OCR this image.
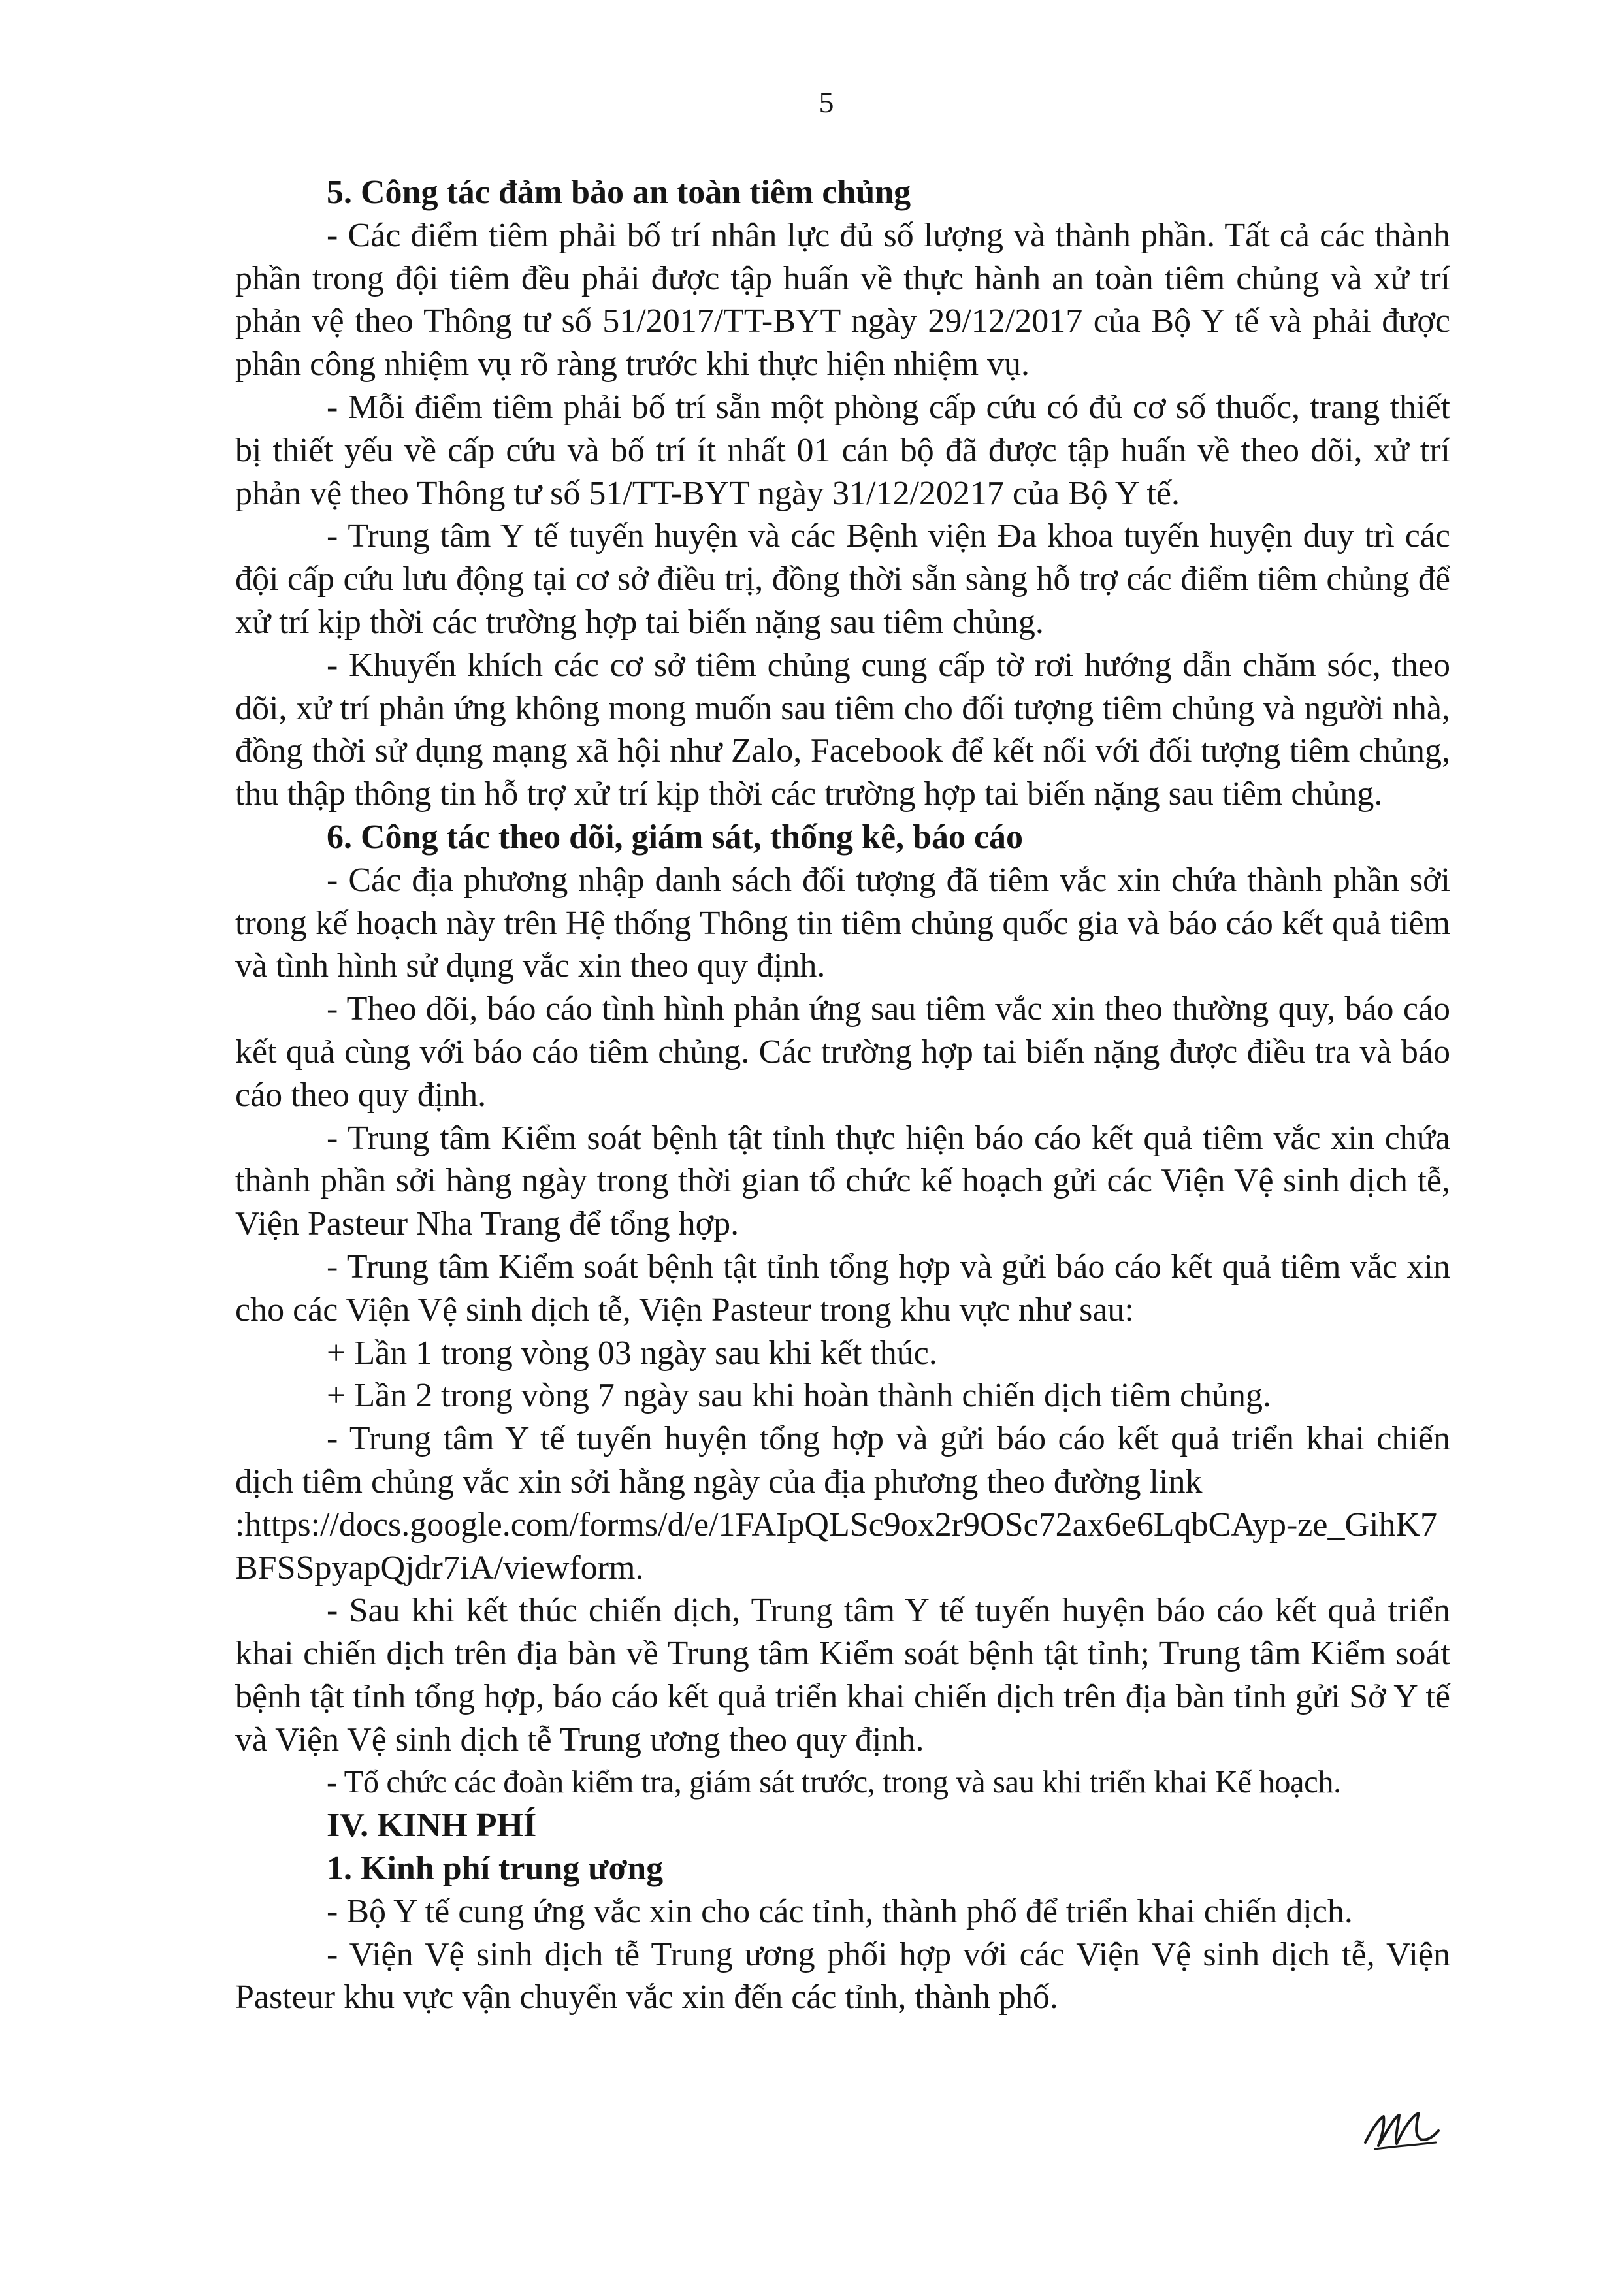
5

5. Công tác đảm bảo an toàn tiêm chủng

- Các điểm tiêm phải bố trí nhân lực đủ số lượng và thành phần. Tất cả các thành phần trong đội tiêm đều phải được tập huấn về thực hành an toàn tiêm chủng và xử trí phản vệ theo Thông tư số 51/2017/TT-BYT ngày 29/12/2017 của Bộ Y tế và phải được phân công nhiệm vụ rõ ràng trước khi thực hiện nhiệm vụ.

- Mỗi điểm tiêm phải bố trí sẵn một phòng cấp cứu có đủ cơ số thuốc, trang thiết bị thiết yếu về cấp cứu và bố trí ít nhất 01 cán bộ đã được tập huấn về theo dõi, xử trí phản vệ theo Thông tư số 51/TT-BYT ngày 31/12/20217 của Bộ Y tế.

- Trung tâm Y tế tuyến huyện và các Bệnh viện Đa khoa tuyến huyện duy trì các đội cấp cứu lưu động tại cơ sở điều trị, đồng thời sẵn sàng hỗ trợ các điểm tiêm chủng để xử trí kịp thời các trường hợp tai biến nặng sau tiêm chủng.

- Khuyến khích các cơ sở tiêm chủng cung cấp tờ rơi hướng dẫn chăm sóc, theo dõi, xử trí phản ứng không mong muốn sau tiêm cho đối tượng tiêm chủng và người nhà, đồng thời sử dụng mạng xã hội như Zalo, Facebook để kết nối với đối tượng tiêm chủng, thu thập thông tin hỗ trợ xử trí kịp thời các trường hợp tai biến nặng sau tiêm chủng.

6. Công tác theo dõi, giám sát, thống kê, báo cáo

- Các địa phương nhập danh sách đối tượng đã tiêm vắc xin chứa thành phần sởi trong kế hoạch này trên Hệ thống Thông tin tiêm chủng quốc gia và báo cáo kết quả tiêm và tình hình sử dụng vắc xin theo quy định.

- Theo dõi, báo cáo tình hình phản ứng sau tiêm vắc xin theo thường quy, báo cáo kết quả cùng với báo cáo tiêm chủng. Các trường hợp tai biến nặng được điều tra và báo cáo theo quy định.

- Trung tâm Kiểm soát bệnh tật tỉnh thực hiện báo cáo kết quả tiêm vắc xin chứa thành phần sởi hàng ngày trong thời gian tổ chức kế hoạch gửi các Viện Vệ sinh dịch tễ, Viện Pasteur Nha Trang để tổng hợp.

- Trung tâm Kiểm soát bệnh tật tỉnh tổng hợp và gửi báo cáo kết quả tiêm vắc xin cho các Viện Vệ sinh dịch tễ, Viện Pasteur trong khu vực như sau:

+ Lần 1 trong vòng 03 ngày sau khi kết thúc.

+ Lần 2 trong vòng 7 ngày sau khi hoàn thành chiến dịch tiêm chủng.

- Trung tâm Y tế tuyến huyện tổng hợp và gửi báo cáo kết quả triển khai chiến dịch tiêm chủng vắc xin sởi hằng ngày của địa phương theo đường link

:https://docs.google.com/forms/d/e/1FAIpQLSc9ox2r9OSc72ax6e6LqbCAyp-ze_GihK7BFSSpyapQjdr7iA/viewform.

- Sau khi kết thúc chiến dịch, Trung tâm Y tế tuyến huyện báo cáo kết quả triển khai chiến dịch trên địa bàn về Trung tâm Kiểm soát bệnh tật tỉnh; Trung tâm Kiểm soát bệnh tật tỉnh tổng hợp, báo cáo kết quả triển khai chiến dịch trên địa bàn tỉnh gửi Sở Y tế và Viện Vệ sinh dịch tễ Trung ương theo quy định.

- Tổ chức các đoàn kiểm tra, giám sát trước, trong và sau khi triển khai Kế hoạch.

IV. KINH PHÍ

1. Kinh phí trung ương

- Bộ Y tế cung ứng vắc xin cho các tỉnh, thành phố để triển khai chiến dịch.

- Viện Vệ sinh dịch tễ Trung ương phối hợp với các Viện Vệ sinh dịch tễ, Viện Pasteur khu vực vận chuyển vắc xin đến các tỉnh, thành phố.
